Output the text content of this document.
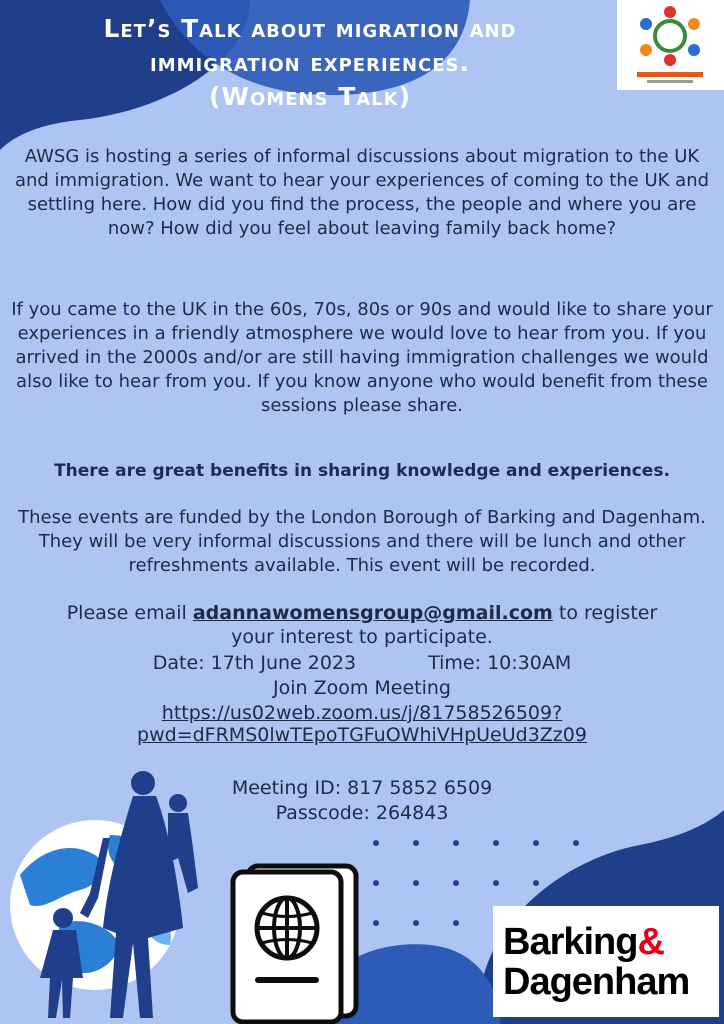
Let’s Talk about migration and
immigration experiences.
(Womens Talk)
AWSG is hosting a series of informal discussions about migration to the UK and immigration. We want to hear your experiences of coming to the UK and settling here. How did you find the process, the people and where you are now? How did you feel about leaving family back home?
If you came to the UK in the 60s, 70s, 80s or 90s and would like to share your experiences in a friendly atmosphere we would love to hear from you. If you arrived in the 2000s and/or are still having immigration challenges we would also like to hear from you. If you know anyone who would benefit from these sessions please share.
There are great benefits in sharing knowledge and experiences.
These events are funded by the London Borough of Barking and Dagenham. They will be very informal discussions and there will be lunch and other refreshments available. This event will be recorded.
Please email adannawomensgroup@gmail.com to register
your interest to participate.
Date: 17th June 2023	Time: 10:30AM
Join Zoom Meeting
https://us02web.zoom.us/j/81758526509?
pwd=dFRMS0lwTEpoTGFuOWhiVHpUeUd3Zz09
Meeting ID: 817 5852 6509
Passcode: 264843
Barking&
Dagenham
